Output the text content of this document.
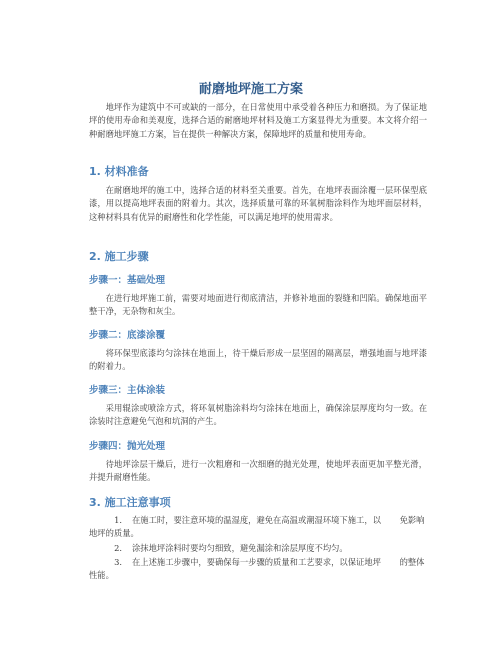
耐磨地坪施工方案
地坪作为建筑中不可或缺的一部分，在日常使用中承受着各种压力和磨损。为了保证地坪的使用寿命和美观度，选择合适的耐磨地坪材料及施工方案显得尤为重要。本文将介绍一种耐磨地坪施工方案，旨在提供一种解决方案，保障地坪的质量和使用寿命。
1. 材料准备
在耐磨地坪的施工中，选择合适的材料至关重要。首先，在地坪表面涂覆一层环保型底漆，用以提高地坪表面的附着力。其次，选择质量可靠的环氧树脂涂料作为地坪面层材料，这种材料具有优异的耐磨性和化学性能，可以满足地坪的使用需求。
2. 施工步骤
步骤一：基础处理
在进行地坪施工前，需要对地面进行彻底清洁，并修补地面的裂缝和凹陷。确保地面平整干净，无杂物和灰尘。
步骤二：底漆涂覆
将环保型底漆均匀涂抹在地面上，待干燥后形成一层坚固的隔离层，增强地面与地坪漆的附着力。
步骤三：主体涂装
采用辊涂或喷涂方式，将环氧树脂涂料均匀涂抹在地面上，确保涂层厚度均匀一致。在涂装时注意避免气泡和坑洞的产生。
步骤四：抛光处理
待地坪涂层干燥后，进行一次粗磨和一次细磨的抛光处理，使地坪表面更加平整光滑，并提升耐磨性能。
3. 施工注意事项
1. 在施工时，要注意环境的温湿度，避免在高温或潮湿环境下施工，以 免影响地坪的质量。
2. 涂抹地坪涂料时要均匀细致，避免漏涂和涂层厚度不均匀。
3. 在上述施工步骤中，要确保每一步骤的质量和工艺要求，以保证地坪 的整体性能。
